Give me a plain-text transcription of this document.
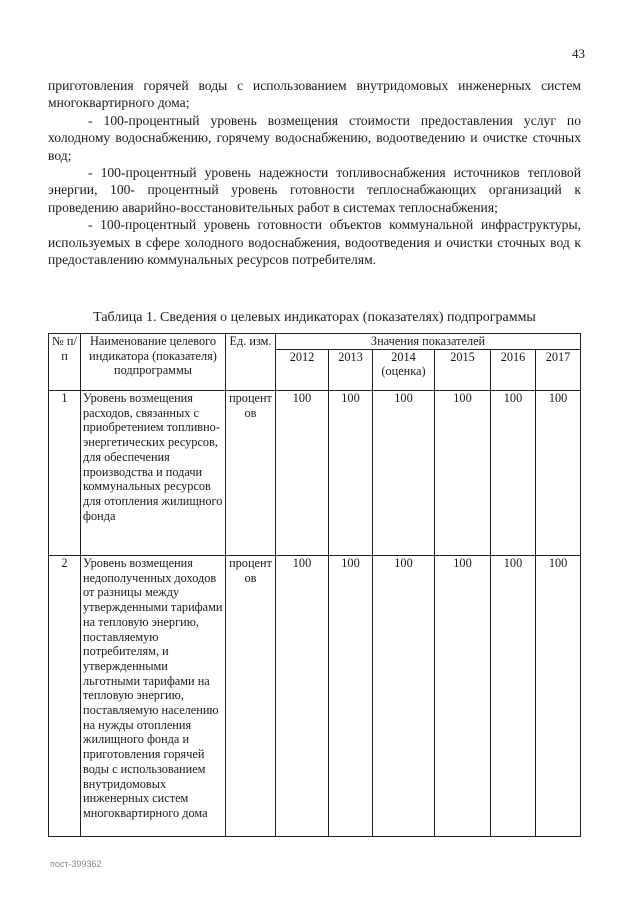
43

приготовления горячей воды с использованием внутридомовых инженерных систем многоквартирного дома;

- 100-процентный уровень возмещения стоимости предоставления услуг по холодному водоснабжению, горячему водоснабжению, водоотведению и очистке сточных вод;

- 100-процентный уровень надежности топливоснабжения источников тепловой энергии, 100- процентный уровень готовности теплоснабжающих организаций к проведению аварийно-восстановительных работ в системах теплоснабжения;

- 100-процентный уровень готовности объектов коммунальной инфраструктуры, используемых в сфере холодного водоснабжения, водоотведения и очистки сточных вод к предоставлению коммунальных ресурсов потребителям.

Таблица 1. Сведения о целевых индикаторах (показателях) подпрограммы
№ п/п	Наименование целевого индикатора (показателя) подпрограммы	Ед. изм.	Значения показателей					
			2012	2013	2014 (оценка)	2015	2016	2017
1	Уровень возмещения расходов, связанных с приобретением топливно-энергетических ресурсов, для обеспечения производства и подачи коммунальных ресурсов для отопления жилищного фонда	процентов	100	100	100	100	100	100
2	Уровень возмещения недополученных доходов от разницы между утвержденными тарифами на тепловую энергию, поставляемую потребителям, и утвержденными льготными тарифами на тепловую энергию, поставляемую населению на нужды отопления жилищного фонда и приготовления горячей воды с использованием внутридомовых инженерных систем многоквартирного дома	процентов	100	100	100	100	100	100
пост-399362
